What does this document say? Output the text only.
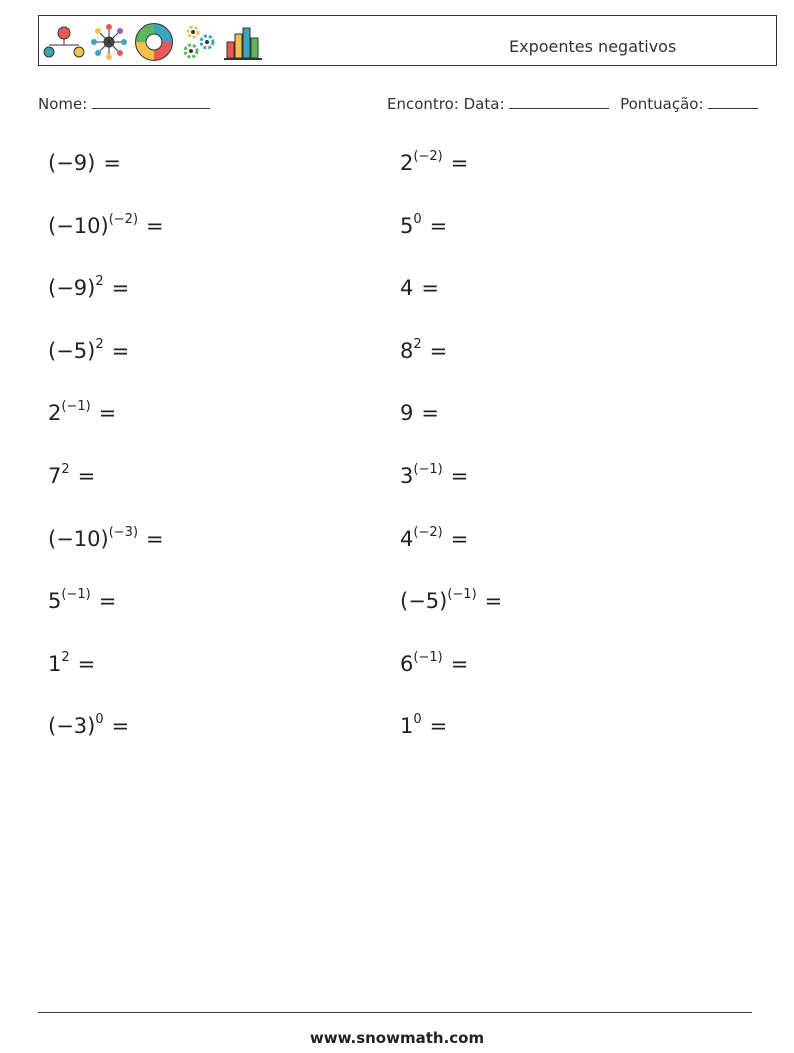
Expoentes negativos
Nome:	Encontro: Data:	Pontuação:
(−9) =	$2^{(-2)}$ =
$(-10)^{(-2)}$ =	$5^0$ =
$(-9)^2$ =	4 =
$(-5)^2$ =	$8^2$ =
$2^{(-1)}$ =	9 =
$7^2$ =	$3^{(-1)}$ =
$(-10)^{(-3)}$ =	$4^{(-2)}$ =
$5^{(-1)}$ =	$(-5)^{(-1)}$ =
$1^2$ =	$6^{(-1)}$ =
$(-3)^0$ =	$1^0$ =
www.snowmath.com
